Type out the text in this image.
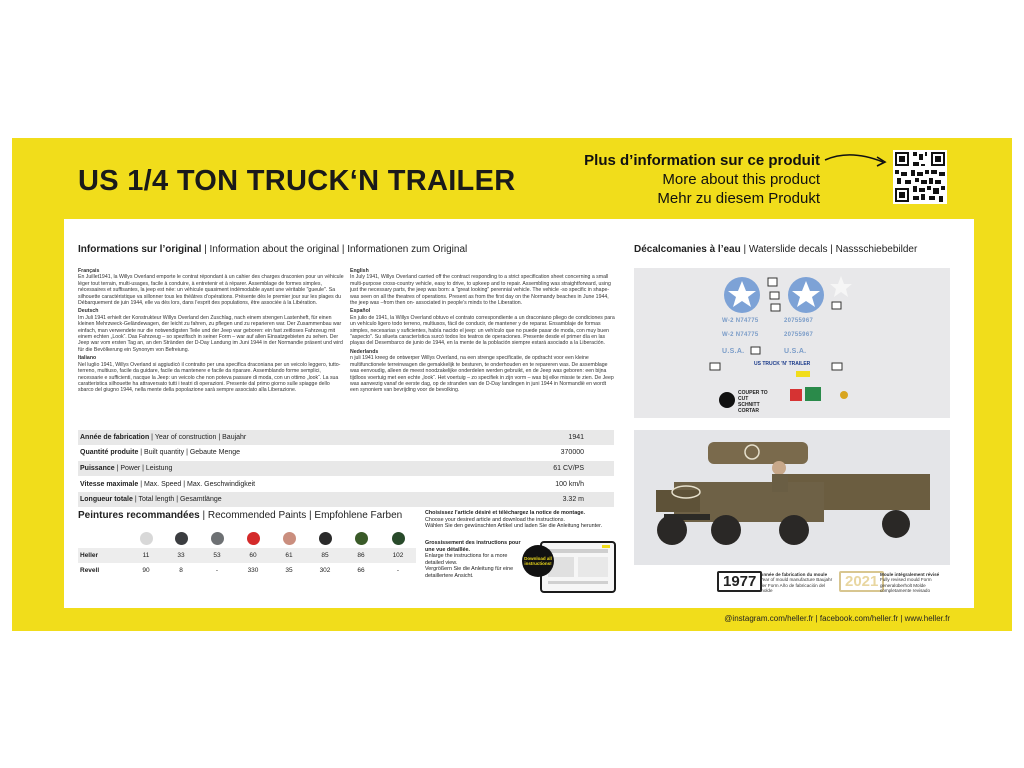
US 1/4 TON TRUCK‘N TRAILER
Plus d’information sur ce produit
More about this product
Mehr zu diesem Produkt
Informations sur l’original | Information about the original | Informationen zum Original
Français
En Juillet1941, la Willys Overland emporte le contrat répondant à un cahier des charges draconien pour un véhicule léger tout terrain, multi-usages, facile à conduire, à entretenir et à réparer. Assemblage de formes simples, nécessaires et suffisantes, la jeep est née: un véhicule quasiment indémodable ayant une véritable "gueule". Sa silhouette caractéristique va sillonner tous les théâtres d’opérations. Présente dès le premier jour sur les plages du Débarquement de juin 1944, elle va dès lors, dans l’esprit des populations, être associée à la Libération.
Deutsch
Im Juli 1941 erhielt der Konstrukteur Willys Overland den Zuschlag, nach einem strengen Lastenheft, für einen kleinen Mehrzweck-Geländewagen, der leicht zu fahren, zu pflegen und zu reparieren war. Der Zusammenbau war einfach, man verwendete nur die notwendigsten Teile und der Jeep war geboren: ein fast zeitloses Fahrzeug mit einem echten „Look“. Das Fahrzeug – so spezifisch in seiner Form – war auf allen Einsatzgebieten zu sehen. Der Jeep war vom ersten Tag an, an den Stränden der D-Day Landung im Juni 1944 in der Normandie präsent und wird für die Bevölkerung ein Synonym von Befreiung.
Italiano
Nel luglio 1941, Willys Overland si aggiudicò il contratto per una specifica draconiana per un veicolo leggero, tutto-terreno, multiuso, facile da guidare, facile da mantenere e facile da riparare. Assemblando forme semplici, necessarie e sufficienti, nacque la Jeep: un veicolo che non poteva passare di moda, con un ottimo „look“. La sua caratteristica silhouette ha attraversato tutti i teatri di operazioni. Presente dal primo giorno sulle spiagge dello sbarco del giugno 1944, nella mente della popolazione sarà sempre associato alla Liberazione.
English
In July 1941, Willys Overland carried off the contract responding to a strict specification sheet concerning a small multi-purpose cross-country vehicle, easy to drive, to upkeep and to repair. Assembling was straightforward, using just the necessary parts, the jeep was born: a "great looking" perennial vehicle. The vehicle -so specific in shape- was seen on all the theatres of operations. Present as from the first day on the Normandy beaches in June 1944, the jeep was –from then on- associated in people’s minds to the Liberation.
Español
En julio de 1941, la Willys Overland obtuvo el contrato correspondiente a un draconiano pliego de condiciones para un vehículo ligero todo terreno, multiusos, fácil de conducir, de mantener y de reparar. Ensamblaje de formas simples, necesarias y suficientes, había nacido el jeep: un vehículo que no puede pasar de moda, con muy buen "aspecto". Su silueta característica surcó todos los teatros de operaciones. Presente desde el primer día en las playas del Desembarco de junio de 1944, en la mente de la población siempre estará asociado a la Liberación.
Nederlands
n juli 1941 kreeg de ontwerper Willys Overland, na een strenge specificatie, de opdracht voor een kleine multifunctionele terreinwagen die gemakkelijk te besturen, te onderhouden en te repareren was. De assemblage was eenvoudig, alleen de meest noodzakelijke onderdelen werden gebruikt, en de Jeep was geboren: een bijna tijdloos voertuig met een echte „look“. Het voertuig – zo specifiek in zijn vorm – was bij elke missie te zien. De Jeep was aanwezig vanaf de eerste dag, op de stranden van de D-Day landingen in juni 1944 in Normandië en wordt een synoniem van bevrijding voor de bevolking.
Année de fabrication | Year of construction | Baujahr	1941
Quantité produite | Built quantity | Gebaute Menge	370000
Puissance | Power | Leistung	61 CV/PS
Vitesse maximale | Max. Speed | Max. Geschwindigkeit	100 km/h
Longueur totale | Total length | Gesamtlänge	3.32 m
Peintures recommandées | Recommended Paints | Empfohlene Farben
Heller	11	33	53	60	61	85	86	102
Revell	90	8	-	330	35	302	66	-
Choisissez l’article désiré et téléchargez la notice de montage.
Choose your desired article and download the instructions.
Wählen Sie den gewünschten Artikel und laden Sie die Anleitung herunter.
Grossissement des instructions pour une vue détaillée.
Enlarge the instructions for a more detailed view.
Vergrößern Sie die Anleitung für eine detaillertere Ansicht.
Download all instructions!
Décalcomanies à l’eau | Waterslide decals | Nassschiebebilder
W-2 N74775	20755967
W-2 N74775	20755967
U.S.A.	U.S.A.
US TRUCK 'N' TRAILER
COUPER TO CUT SCHNITT CORTAR
1977 Année de fabrication du moule
Year of mould manufacture Baujahr der Form Año de fabricación del molde
2021 Moule intégralement révisé
Fully revised mould Form generalüberholt Molde completamente revisado
@instagram.com/heller.fr | facebook.com/heller.fr | www.heller.fr
